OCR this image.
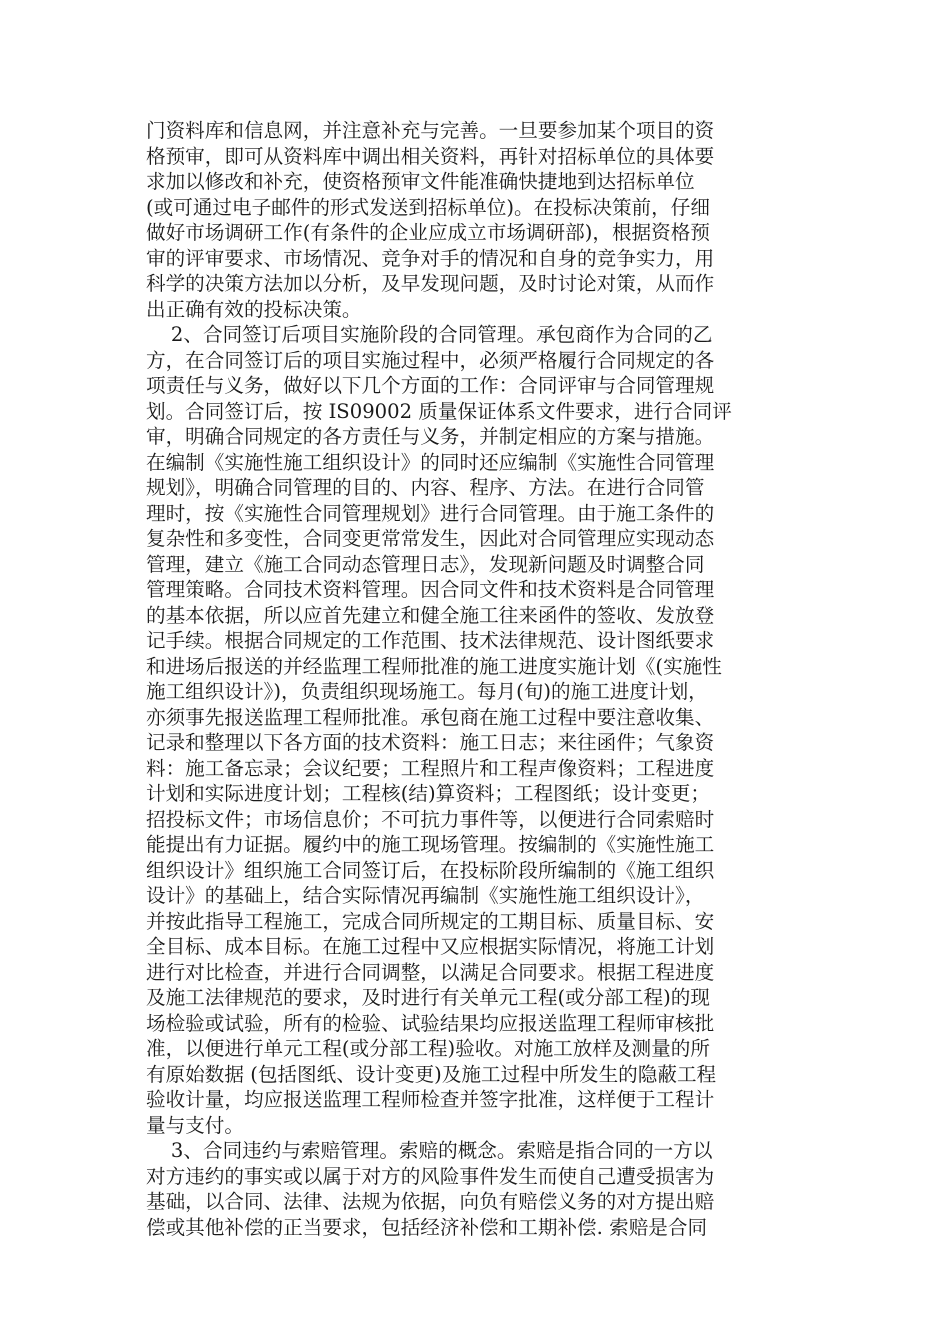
门资料库和信息网，并注意补充与完善。一旦要参加某个项目的资
格预审，即可从资料库中调出相关资料，再针对招标单位的具体要
求加以修改和补充，使资格预审文件能准确快捷地到达招标单位
(或可通过电子邮件的形式发送到招标单位)。在投标决策前，仔细
做好市场调研工作(有条件的企业应成立市场调研部)，根据资格预
审的评审要求、市场情况、竞争对手的情况和自身的竞争实力，用
科学的决策方法加以分析，及早发现问题，及时讨论对策，从而作
出正确有效的投标决策。
2、合同签订后项目实施阶段的合同管理。承包商作为合同的乙
方，在合同签订后的项目实施过程中，必须严格履行合同规定的各
项责任与义务，做好以下几个方面的工作：合同评审与合同管理规
划。合同签订后，按 IS09002 质量保证体系文件要求，进行合同评
审，明确合同规定的各方责任与义务，并制定相应的方案与措施。
在编制《实施性施工组织设计》的同时还应编制《实施性合同管理
规划》，明确合同管理的目的、内容、程序、方法。在进行合同管
理时，按《实施性合同管理规划》进行合同管理。由于施工条件的
复杂性和多变性，合同变更常常发生，因此对合同管理应实现动态
管理，建立《施工合同动态管理日志》，发现新问题及时调整合同
管理策略。合同技术资料管理。因合同文件和技术资料是合同管理
的基本依据，所以应首先建立和健全施工往来函件的签收、发放登
记手续。根据合同规定的工作范围、技术法律规范、设计图纸要求
和进场后报送的并经监理工程师批准的施工进度实施计划《(实施性
施工组织设计》)，负责组织现场施工。每月(旬)的施工进度计划，
亦须事先报送监理工程师批准。承包商在施工过程中要注意收集、
记录和整理以下各方面的技术资料：施工日志；来往函件；气象资
料：施工备忘录；会议纪要；工程照片和工程声像资料；工程进度
计划和实际进度计划；工程核(结)算资料；工程图纸；设计变更；
招投标文件；市场信息价；不可抗力事件等，以便进行合同索赔时
能提出有力证据。履约中的施工现场管理。按编制的《实施性施工
组织设计》组织施工合同签订后，在投标阶段所编制的《施工组织
设计》的基础上，结合实际情况再编制《实施性施工组织设计》，
并按此指导工程施工，完成合同所规定的工期目标、质量目标、安
全目标、成本目标。在施工过程中又应根据实际情况，将施工计划
进行对比检查，并进行合同调整，以满足合同要求。根据工程进度
及施工法律规范的要求，及时进行有关单元工程(或分部工程)的现
场检验或试验，所有的检验、试验结果均应报送监理工程师审核批
准，以便进行单元工程(或分部工程)验收。对施工放样及测量的所
有原始数据 (包括图纸、设计变更)及施工过程中所发生的隐蔽工程
验收计量，均应报送监理工程师检查并签字批准，这样便于工程计
量与支付。
3、合同违约与索赔管理。索赔的概念。索赔是指合同的一方以
对方违约的事实或以属于对方的风险事件发生而使自己遭受损害为
基础，以合同、法律、法规为依据，向负有赔偿义务的对方提出赔
偿或其他补偿的正当要求，包括经济补偿和工期补偿. 索赔是合同
